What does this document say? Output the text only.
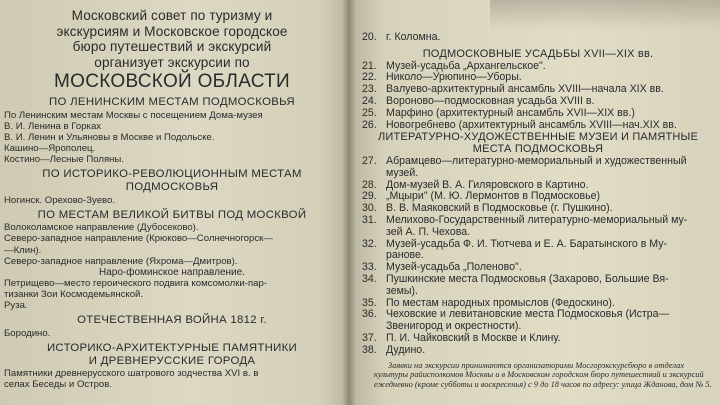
Московский совет по туризму и

экскурсиям и Московское городское

бюро путешествий и экскурсий

организует экскурсии по

МОСКОВСКОЙ ОБЛАСТИ

ПО ЛЕНИНСКИМ МЕСТАМ ПОДМОСКОВЬЯ

По Ленинским местам Москвы с посещением Дома-музея

В. И. Ленина в Горках

В. И. Ленин и Ульяновы в Москве и Подольске.

Кашино—Ярополец.

Костино—Лесные Поляны.

ПО ИСТОРИКО-РЕВОЛЮЦИОННЫМ МЕСТАМ

ПОДМОСКОВЬЯ

Ногинск. Орехово-Зуево.

ПО МЕСТАМ ВЕЛИКОЙ БИТВЫ ПОД МОСКВОЙ

Волоколамское направление (Дубосеково).

Северо-западное направление (Крюково—Солнечногорск—

—Клин).

Северо-западное направление (Яхрома—Дмитров).

Наро-фоминское направление.

Петрищево—место героического подвига комсомолки-пар-

тизанки Зои Космодемьянской.

Руза.

ОТЕЧЕСТВЕННАЯ ВОЙНА 1812 г.

Бородино.

ИСТОРИКО-АРХИТЕКТУРНЫЕ ПАМЯТНИКИ

И ДРЕВНЕРУССКИЕ ГОРОДА

Памятники древнерусского шатрового зодчества XVI в. в

селах Беседы и Остров.

20. г. Коломна.

ПОДМОСКОВНЫЕ УСАДЬБЫ XVII—XIX вв.

21. Музей-усадьба „Архангельское".

22. Николо—Урюпино—Уборы.

23. Валуево-архитектурный ансамбль XVIII—начала XIX вв.

24. Вороново—подмосковная усадьба XVIII в.

25. Марфино (архитектурный ансамбль XVII—XIX вв.)

26. Новогребнево (архитектурный ансамбль XVIII—нач.XIX вв.

ЛИТЕРАТУРНО-ХУДОЖЕСТВЕННЫЕ МУЗЕИ И ПАМЯТНЫЕ

МЕСТА ПОДМОСКОВЬЯ

27. Абрамцево—литературно-мемориальный и художественный

музей.

28. Дом-музей В. А. Гиляровского в Картино.

29. „Мцыри" (М. Ю. Лермонтов в Подмосковье)

30. В. В. Маяковский в Подмосковье (г. Пушкино).

31. Мелихово-Государственный литературно-мемориальный му-

зей А. П. Чехова.

32. Музей-усадьба Ф. И. Тютчева и Е. А. Баратынского в Му-

ранове.

33. Музей-усадьба „Поленово".

34. Пушкинские места Подмосковья (Захарово, Большие Вя-

земы).

35. По местам народных промыслов (Федоскино).

36. Чеховские и левитановские места Подмосковья (Истра—

Звенигород и окрестности).

37. П. И. Чайковский в Москве и Клину.

38. Дудино.

Заявки на экскурсии принимаются организаторами Мосгорэкскурсбюро в отделах культуры райисполкомов Москвы и в Московском городском бюро путешествий и экскурсий ежедневно (кроме субботы и воскресенья) с 9 до 18 часов по адресу: улица Жданова, дом № 5.
